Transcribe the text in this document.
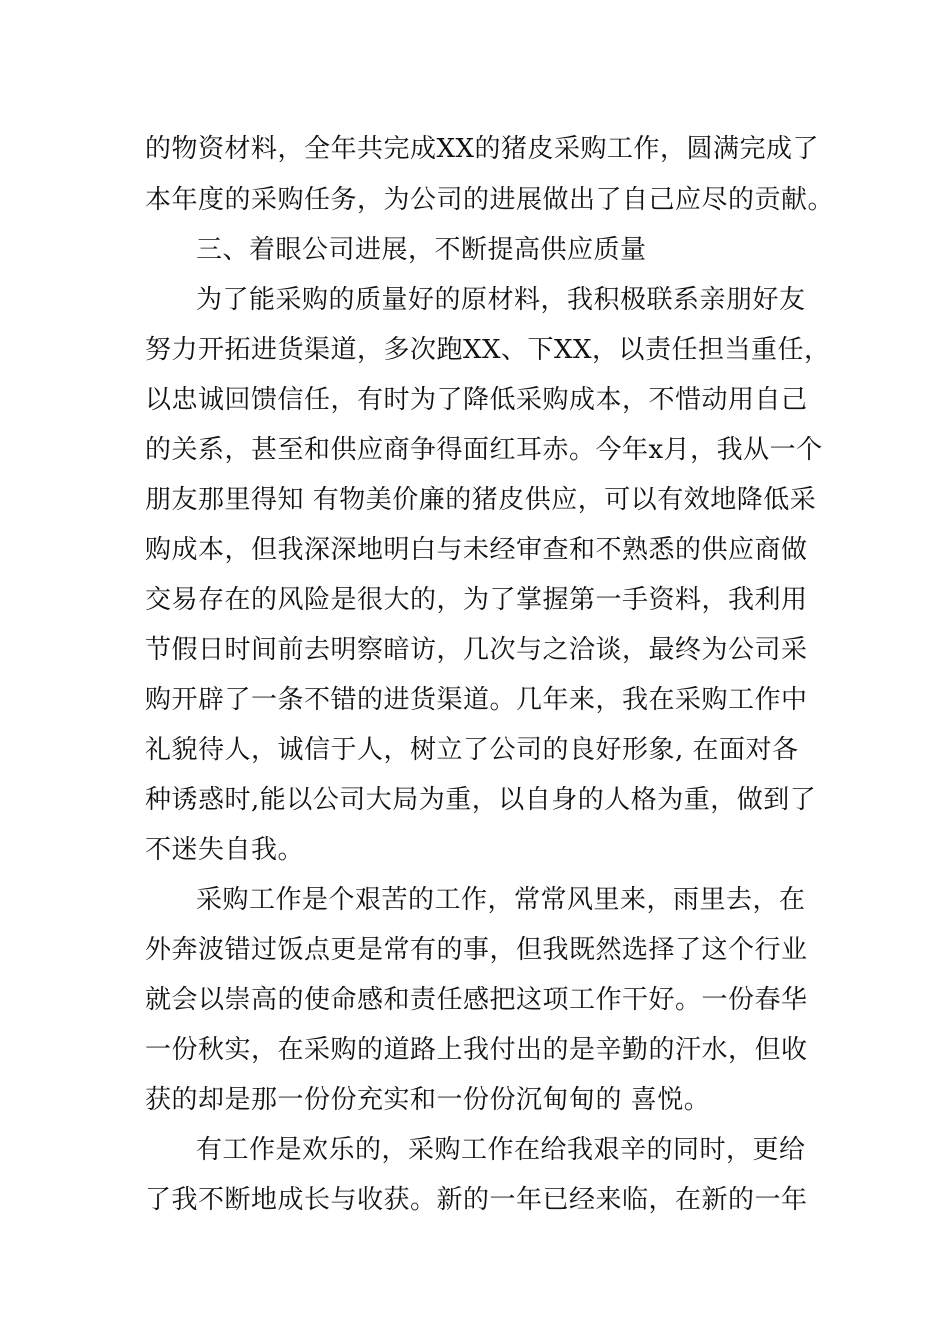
的物资材料，全年共完成XX的猪皮采购工作，圆满完成了
本年度的采购任务，为公司的进展做出了自己应尽的贡献。
三、着眼公司进展，不断提高供应质量
为了能采购的质量好的原材料，我积极联系亲朋好友
努力开拓进货渠道，多次跑XX、下XX，以责任担当重任，
以忠诚回馈信任，有时为了降低采购成本，不惜动用自己
的关系，甚至和供应商争得面红耳赤。今年x月，我从一个
朋友那里得知 有物美价廉的猪皮供应，可以有效地降低采
购成本，但我深深地明白与未经审查和不熟悉的供应商做
交易存在的风险是很大的，为了掌握第一手资料，我利用
节假日时间前去明察暗访，几次与之洽谈，最终为公司采
购开辟了一条不错的进货渠道。几年来，我在采购工作中
礼貌待人，诚信于人，树立了公司的良好形象, 在面对各
种诱惑时,能以公司大局为重，以自身的人格为重，做到了
不迷失自我。
采购工作是个艰苦的工作，常常风里来，雨里去，在
外奔波错过饭点更是常有的事，但我既然选择了这个行业
就会以崇高的使命感和责任感把这项工作干好。一份春华
一份秋实，在采购的道路上我付出的是辛勤的汗水，但收
获的却是那一份份充实和一份份沉甸甸的 喜悦。
有工作是欢乐的，采购工作在给我艰辛的同时，更给
了我不断地成长与收获。新的一年已经来临，在新的一年
